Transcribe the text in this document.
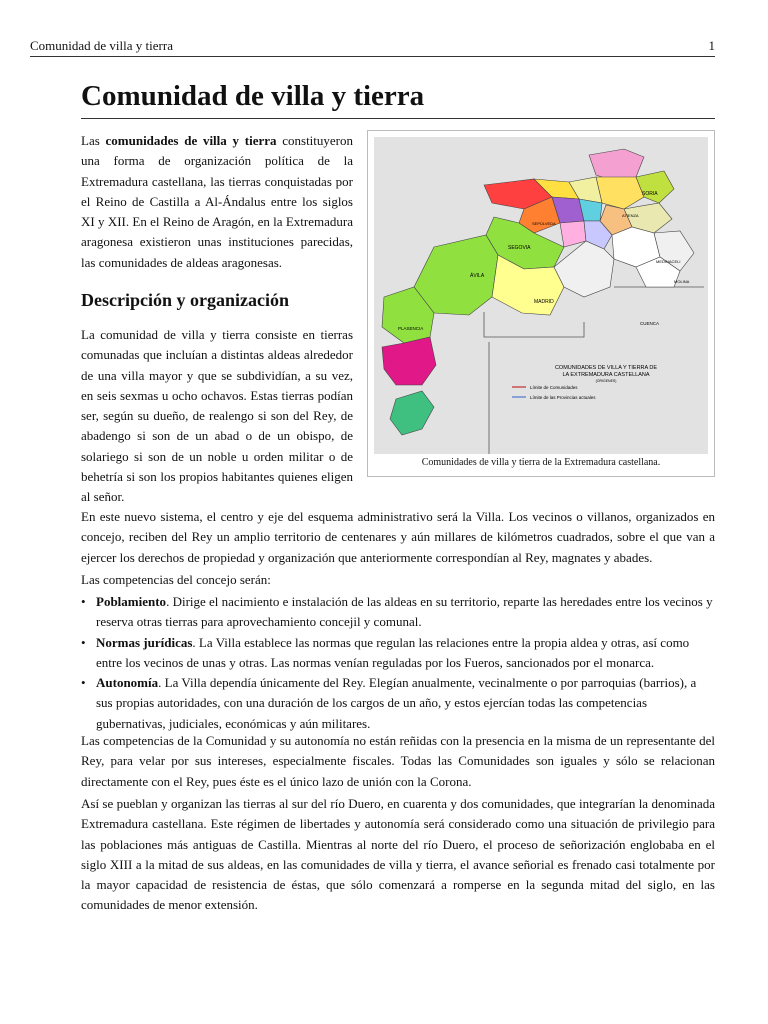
Comunidad de villa y tierra	1
Comunidad de villa y tierra

Las comunidades de villa y tierra constituyeron una forma de organización política de la Extremadura castellana, las tierras conquistadas por el Reino de Castilla a Al-Ándalus entre los siglos XI y XII. En el Reino de Aragón, en la Extremadura aragonesa existieron unas instituciones parecidas, las comunidades de aldeas aragonesas.

SORIA
ATIENZA
MEDINACELI
MOLINA
SEPÚLVEDA
SEGOVIA
ÁVILA
MADRID
PLASENCIA
CUENCA
COMUNIDADES DE VILLA Y TIERRA DE
LA EXTREMADURA CASTELLANA
(ORIGENES)
Límite de Comunidades
Límite de las Provincias actuales
Comunidades de villa y tierra de la Extremadura castellana.
Descripción y organización

La comunidad de villa y tierra consiste en tierras comunadas que incluían a distintas aldeas alrededor de una villa mayor y que se subdividían, a su vez, en seis sexmas u ocho ochavos. Estas tierras podían ser, según su dueño, de realengo si son del Rey, de abadengo si son de un abad o de un obispo, de solariego si son de un noble u orden militar o de behetría si son los propios habitantes quienes eligen al señor.

En este nuevo sistema, el centro y eje del esquema administrativo será la Villa. Los vecinos o villanos, organizados en concejo, reciben del Rey un amplio territorio de centenares y aún millares de kilómetros cuadrados, sobre el que van a ejercer los derechos de propiedad y organización que anteriormente correspondían al Rey, magnates y abades.

Las competencias del concejo serán:

• Poblamiento. Dirige el nacimiento e instalación de las aldeas en su territorio, reparte las heredades entre los vecinos y reserva otras tierras para aprovechamiento concejil y comunal.
• Normas jurídicas. La Villa establece las normas que regulan las relaciones entre la propia aldea y otras, así como entre los vecinos de unas y otras. Las normas venían reguladas por los Fueros, sancionados por el monarca.
• Autonomía. La Villa dependía únicamente del Rey. Elegían anualmente, vecinalmente o por parroquias (barrios), a sus propias autoridades, con una duración de los cargos de un año, y estos ejercían todas las competencias gubernativas, judiciales, económicas y aún militares.

Las competencias de la Comunidad y su autonomía no están reñidas con la presencia en la misma de un representante del Rey, para velar por sus intereses, especialmente fiscales. Todas las Comunidades son iguales y sólo se relacionan directamente con el Rey, pues éste es el único lazo de unión con la Corona.

Así se pueblan y organizan las tierras al sur del río Duero, en cuarenta y dos comunidades, que integrarían la denominada Extremadura castellana. Este régimen de libertades y autonomía será considerado como una situación de privilegio para las poblaciones más antiguas de Castilla. Mientras al norte del río Duero, el proceso de señorización englobaba en el siglo XIII a la mitad de sus aldeas, en las comunidades de villa y tierra, el avance señorial es frenado casi totalmente por la mayor capacidad de resistencia de éstas, que sólo comenzará a romperse en la segunda mitad del siglo, en las comunidades de menor extensión.
